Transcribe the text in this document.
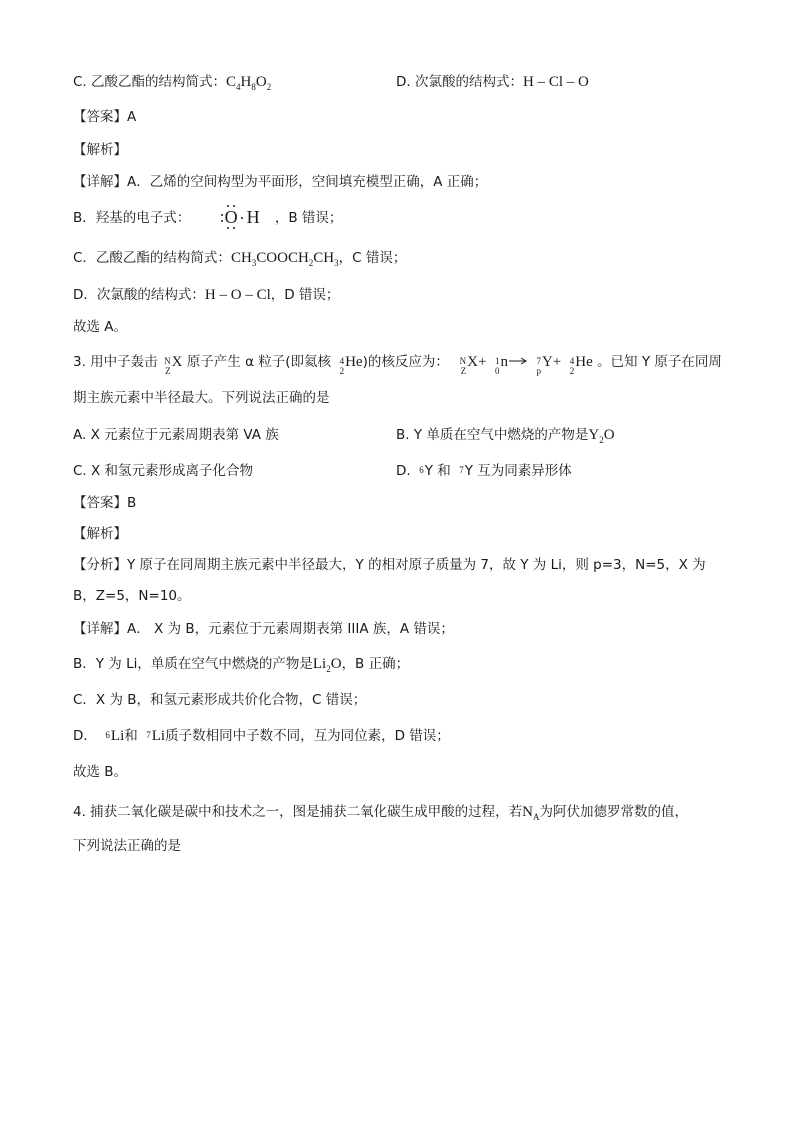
C. 乙酸乙酯的结构简式：$C_4H_8O_2$	D. 次氯酸的结构式：H – Cl – O
【答案】A
【解析】
【详解】A．乙烯的空间构型为平面形，空间填充模型正确，A 正确；
B．羟基的电子式： O H ，B 错误；
C．乙酸乙酯的结构简式：$CH_3COOCH_2CH_3$，C 错误；
D．次氯酸的结构式：H – O – Cl，D 错误；
故选 A。
3. 用中子轰击 N
Z
X 原子产生 α 粒子(即氦核 4
2
He)的核反应为： N
Z
X+ 1
0
n→ 7
p
Y+ 4
2
He 。已知 Y 原子在同周
期主族元素中半径最大。下列说法正确的是
A. X 元素位于元素周期表第 VA 族	B. Y 单质在空气中燃烧的产物是$Y_2O$
C. X 和氢元素形成离子化合物	D. 6 Y 和 7 Y 互为同素异形体
【答案】B
【解析】
【分析】Y 原子在同周期主族元素中半径最大，Y 的相对原子质量为 7，故 Y 为 Li，则 p=3，N=5，X 为
B，Z=5，N=10。
【详解】A． X 为 B，元素位于元素周期表第 IIIA 族，A 错误；
B．Y 为 Li，单质在空气中燃烧的产物是$Li_2O$，B 正确；
C．X 为 B，和氢元素形成共价化合物，C 错误；
D． 6 Li和 7 Li质子数相同中子数不同，互为同位素，D 错误；
故选 B。
4. 捕获二氧化碳是碳中和技术之一，图是捕获二氧化碳生成甲酸的过程，若$N_A$为阿伏加德罗常数的值，
下列说法正确的是
